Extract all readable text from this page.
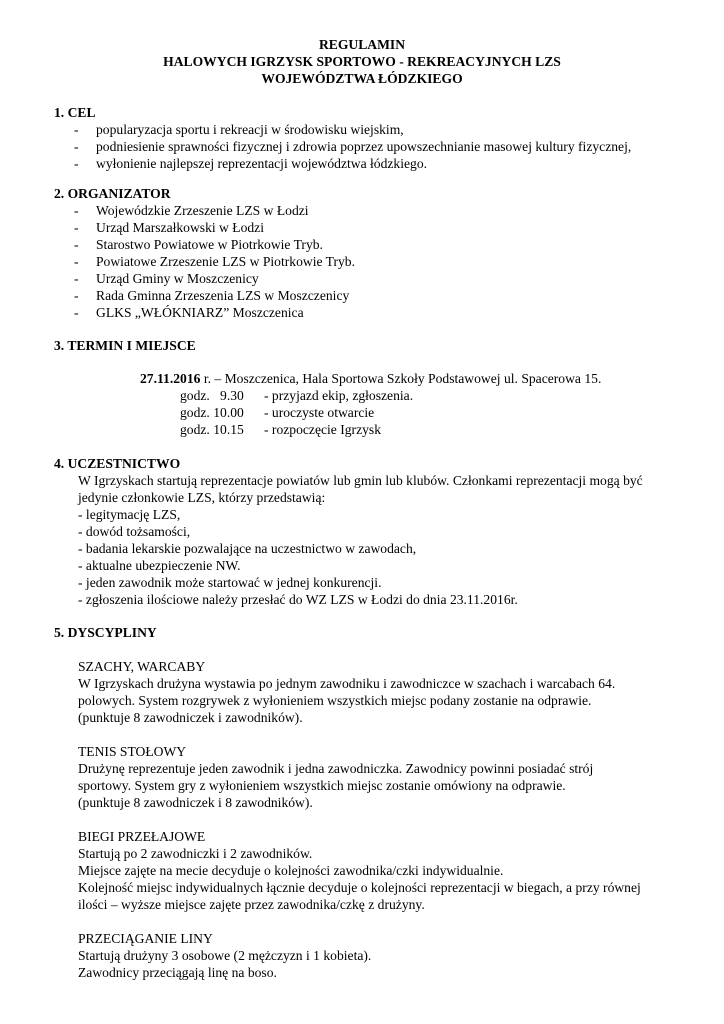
REGULAMIN
HALOWYCH IGRZYSK SPORTOWO - REKREACYJNYCH LZS
WOJEWÓDZTWA ŁÓDZKIEGO
1. CEL
- popularyzacja sportu i rekreacji w środowisku wiejskim,
- podniesienie sprawności fizycznej i zdrowia poprzez upowszechnianie masowej kultury fizycznej,
- wyłonienie najlepszej reprezentacji województwa łódzkiego.
2. ORGANIZATOR
- Wojewódzkie Zrzeszenie LZS w Łodzi
- Urząd Marszałkowski w Łodzi
- Starostwo Powiatowe w Piotrkowie Tryb.
- Powiatowe Zrzeszenie LZS w Piotrkowie Tryb.
- Urząd Gminy w Moszczenicy
- Rada Gminna Zrzeszenia LZS w Moszczenicy
- GLKS „WŁÓKNIARZ” Moszczenica
3. TERMIN I MIEJSCE
27.11.2016 r. – Moszczenica, Hala Sportowa Szkoły Podstawowej ul. Spacerowa 15.
godz.   9.30	- przyjazd ekip, zgłoszenia.
godz. 10.00	- uroczyste otwarcie
godz. 10.15	- rozpoczęcie Igrzysk
4. UCZESTNICTWO
W Igrzyskach startują reprezentacje powiatów lub gmin lub klubów. Członkami reprezentacji mogą być
jedynie członkowie LZS, którzy przedstawią:
- legitymację LZS,
- dowód tożsamości,
- badania lekarskie pozwalające na uczestnictwo w zawodach,
- aktualne ubezpieczenie NW.
- jeden zawodnik może startować w jednej konkurencji.
- zgłoszenia ilościowe należy przesłać do WZ LZS w Łodzi do dnia 23.11.2016r.
5. DYSCYPLINY

SZACHY, WARCABY

W Igrzyskach drużyna wystawia po jednym zawodniku i zawodniczce w szachach i warcabach 64.

polowych. System rozgrywek z wyłonieniem wszystkich miejsc podany zostanie na odprawie.

(punktuje 8 zawodniczek i zawodników).

TENIS STOŁOWY

Drużynę reprezentuje jeden zawodnik i jedna zawodniczka. Zawodnicy powinni posiadać strój

sportowy. System gry z wyłonieniem wszystkich miejsc zostanie omówiony na odprawie.

(punktuje 8 zawodniczek i 8 zawodników).

BIEGI PRZEŁAJOWE

Startują po 2 zawodniczki i 2 zawodników.

Miejsce zajęte na mecie decyduje o kolejności zawodnika/czki indywidualnie.

Kolejność miejsc indywidualnych łącznie decyduje o kolejności reprezentacji w biegach, a przy równej

ilości – wyższe miejsce zajęte przez zawodnika/czkę z drużyny.

PRZECIĄGANIE LINY

Startują drużyny 3 osobowe (2 mężczyzn i 1 kobieta).

Zawodnicy przeciągają linę na boso.
